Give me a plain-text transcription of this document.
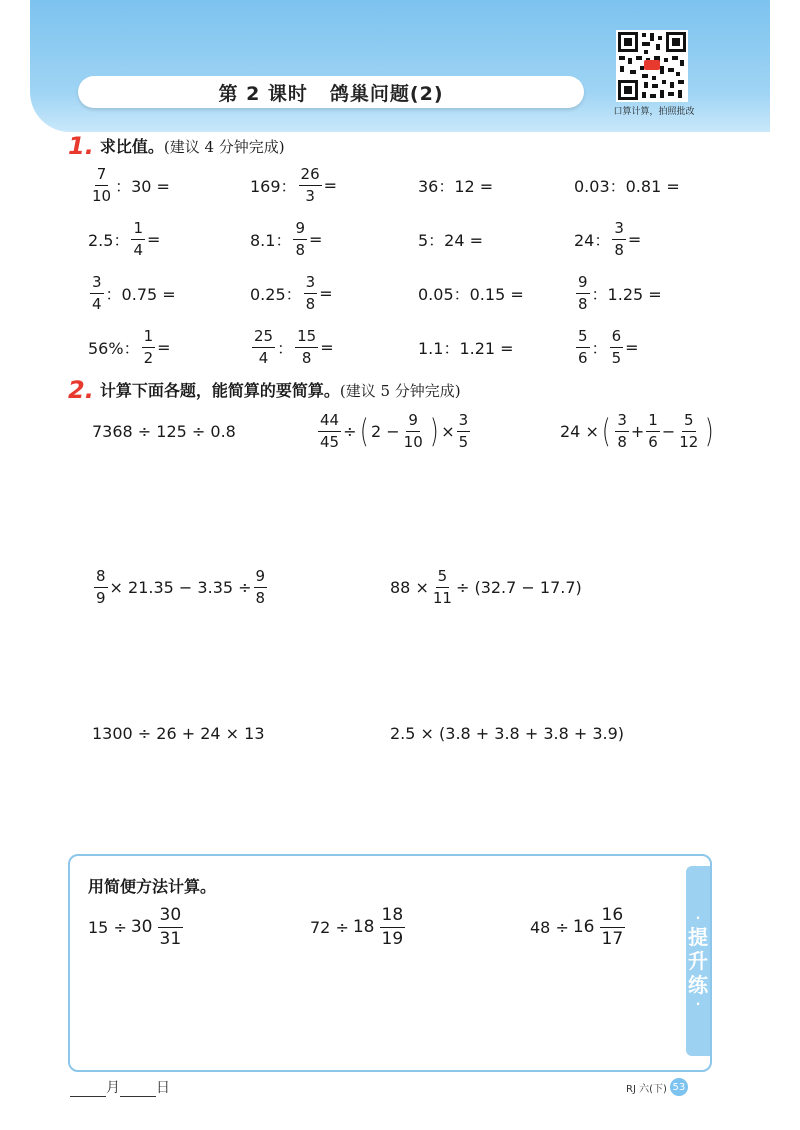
第 2 课时 鸽巢问题(2)
口算计算，拍照批改
1. 求比值。(建议 4 分钟完成)
$\frac{7}{10}$ ：30 =	169： $\frac{26}{3}$ =	36：12 =	0.03：0.81 =
2.5： $\frac{1}{4}$ =	8.1： $\frac{9}{8}$ =	5：24 =	24： $\frac{3}{8}$ =
$\frac{3}{4}$ ：0.75 =	0.25： $\frac{3}{8}$ =	0.05：0.15 =	$\frac{9}{8}$ ：1.25 =
56%： $\frac{1}{2}$ =	$\frac{25}{4}$ ： $\frac{15}{8}$ =	1.1：1.21 =	$\frac{5}{6}$ ： $\frac{6}{5}$ =
2. 计算下面各题，能简算的要简算。(建议 5 分钟完成)
7368 ÷ 125 ÷ 0.8	$\frac{44}{45}$ ÷ ( $2 - \frac{9}{10}$ ) × $\frac{3}{5}$	24 × ( $\frac{3}{8} + \frac{1}{6} - \frac{5}{12}$ )
$\frac{8}{9} \times 21.35 - 3.35 \div \frac{9}{8}$	$88 \times \frac{5}{11} \div (32.7 - 17.7)$
1300 ÷ 26 + 24 × 13	2.5 × (3.8 + 3.8 + 3.8 + 3.9)
·
提
升
练
·
用简便方法计算。
$15 \div 30 \frac{30}{31}$	$72 \div 18 \frac{18}{19}$	$48 \div 16 \frac{16}{17}$
月	日	RJ 六(下) 53
